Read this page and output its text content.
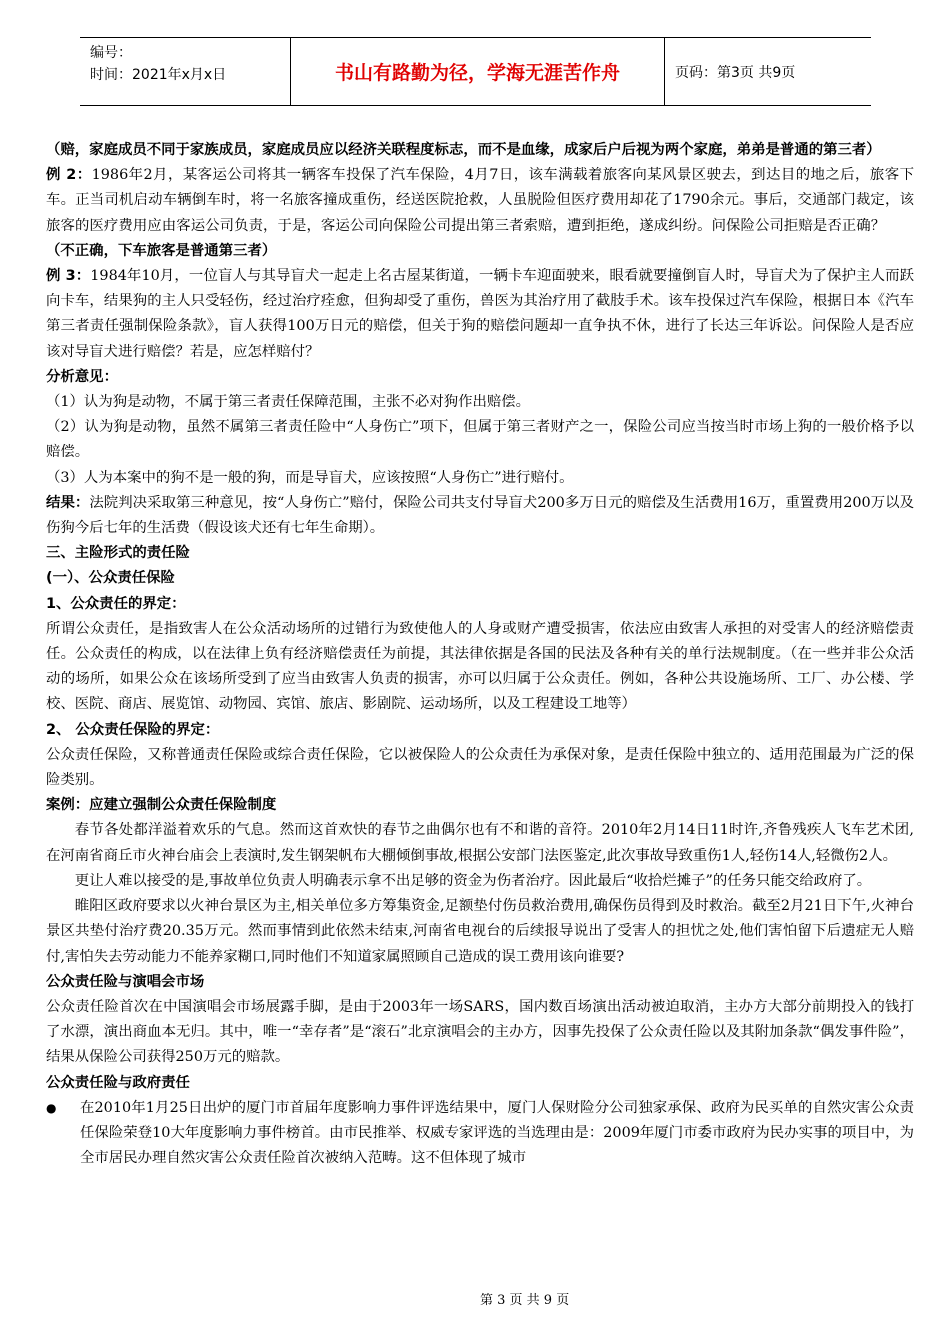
编号：
时间：2021年x月x日	书山有路勤为径，学海无涯苦作舟	页码：第3页 共9页

（赔，家庭成员不同于家族成员，家庭成员应以经济关联程度标志，而不是血缘，成家后户后视为两个家庭，弟弟是普通的第三者）

例 2：1986年2月，某客运公司将其一辆客车投保了汽车保险，4月7日，该车满载着旅客向某风景区驶去，到达目的地之后，旅客下车。正当司机启动车辆倒车时，将一名旅客撞成重伤，经送医院抢救，人虽脱险但医疗费用却花了1790余元。事后，交通部门裁定，该旅客的医疗费用应由客运公司负责，于是，客运公司向保险公司提出第三者索赔，遭到拒绝，遂成纠纷。问保险公司拒赔是否正确？  （不正确，下车旅客是普通第三者）

例 3：1984年10月，一位盲人与其导盲犬一起走上名古屋某街道，一辆卡车迎面驶来，眼看就要撞倒盲人时，导盲犬为了保护主人而跃向卡车，结果狗的主人只受轻伤，经过治疗痊愈，但狗却受了重伤，兽医为其治疗用了截肢手术。该车投保过汽车保险，根据日本《汽车第三者责任强制保险条款》，盲人获得100万日元的赔偿，但关于狗的赔偿问题却一直争执不休，进行了长达三年诉讼。问保险人是否应该对导盲犬进行赔偿？若是，应怎样赔付？

分析意见：

（1）认为狗是动物，不属于第三者责任保障范围，主张不必对狗作出赔偿。

（2）认为狗是动物，虽然不属第三者责任险中“人身伤亡”项下，但属于第三者财产之一，保险公司应当按当时市场上狗的一般价格予以赔偿。

（3）人为本案中的狗不是一般的狗，而是导盲犬，应该按照“人身伤亡”进行赔付。

结果：法院判决采取第三种意见，按“人身伤亡”赔付，保险公司共支付导盲犬200多万日元的赔偿及生活费用16万，重置费用200万以及伤狗今后七年的生活费（假设该犬还有七年生命期）。

三、主险形式的责任险

(一）、公众责任保险

1、公众责任的界定：

所谓公众责任，是指致害人在公众活动场所的过错行为致使他人的人身或财产遭受损害，依法应由致害人承担的对受害人的经济赔偿责任。公众责任的构成，以在法律上负有经济赔偿责任为前提，其法律依据是各国的民法及各种有关的单行法规制度。（在一些并非公众活动的场所，如果公众在该场所受到了应当由致害人负责的损害，亦可以归属于公众责任。例如，各种公共设施场所、工厂、办公楼、学校、医院、商店、展览馆、动物园、宾馆、旅店、影剧院、运动场所，以及工程建设工地等）

2、 公众责任保险的界定：

公众责任保险，又称普通责任保险或综合责任保险，它以被保险人的公众责任为承保对象，是责任保险中独立的、适用范围最为广泛的保险类别。

案例：应建立强制公众责任保险制度

春节各处都洋溢着欢乐的气息。然而这首欢快的春节之曲偶尔也有不和谐的音符。2010年2月14日11时许,齐鲁残疾人飞车艺术团,在河南省商丘市火神台庙会上表演时,发生钢架帆布大棚倾倒事故,根据公安部门法医鉴定,此次事故导致重伤1人,轻伤14人,轻微伤2人。

更让人难以接受的是,事故单位负责人明确表示拿不出足够的资金为伤者治疗。因此最后“收拾烂摊子”的任务只能交给政府了。

睢阳区政府要求以火神台景区为主,相关单位多方筹集资金,足额垫付伤员救治费用,确保伤员得到及时救治。截至2月21日下午,火神台景区共垫付治疗费20.35万元。然而事情到此依然未结束,河南省电视台的后续报导说出了受害人的担忧之处,他们害怕留下后遗症无人赔付,害怕失去劳动能力不能养家糊口,同时他们不知道家属照顾自己造成的误工费用该向谁要?

公众责任险与演唱会市场

公众责任险首次在中国演唱会市场展露手脚，是由于2003年一场SARS，国内数百场演出活动被迫取消，主办方大部分前期投入的钱打了水漂，演出商血本无归。其中，唯一“幸存者”是“滚石”北京演唱会的主办方，因事先投保了公众责任险以及其附加条款“偶发事件险”，结果从保险公司获得250万元的赔款。

公众责任险与政府责任

●	在2010年1月25日出炉的厦门市首届年度影响力事件评选结果中，厦门人保财险分公司独家承保、政府为民买单的自然灾害公众责任保险荣登10大年度影响力事件榜首。由市民推举、权威专家评选的当选理由是：2009年厦门市委市政府为民办实事的项目中，为全市居民办理自然灾害公众责任险首次被纳入范畴。这不但体现了城市

第 3 页 共 9 页
